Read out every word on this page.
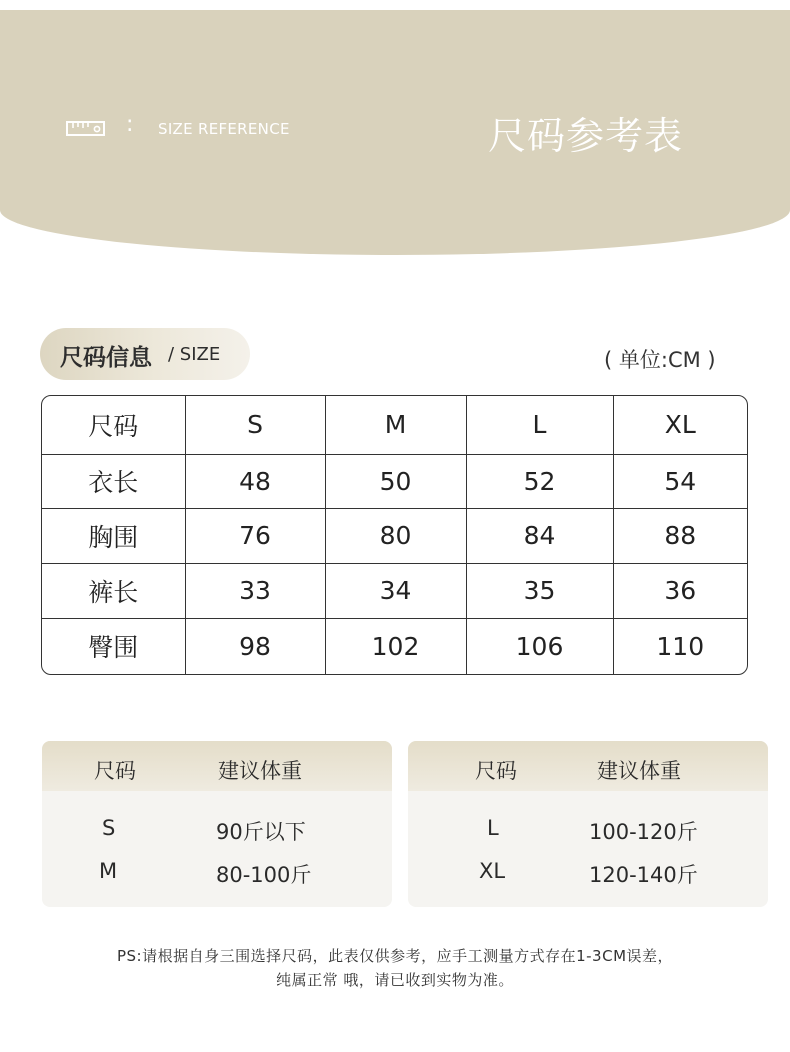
: SIZE REFERENCE	尺码参考表
尺码信息 / SIZE	( 单位:CM )
尺码	S	M	L	XL
衣长	48	50	52	54
胸围	76	80	84	88
裤长	33	34	35	36
臀围	98	102	106	110
尺码	建议体重
S	90斤以下
M	80-100斤
尺码	建议体重
L	100-120斤
XL	120-140斤
PS:请根据自身三围选择尺码，此表仅供参考，应手工测量方式存在1-3CM误差，
纯属正常 哦，请已收到实物为准。
